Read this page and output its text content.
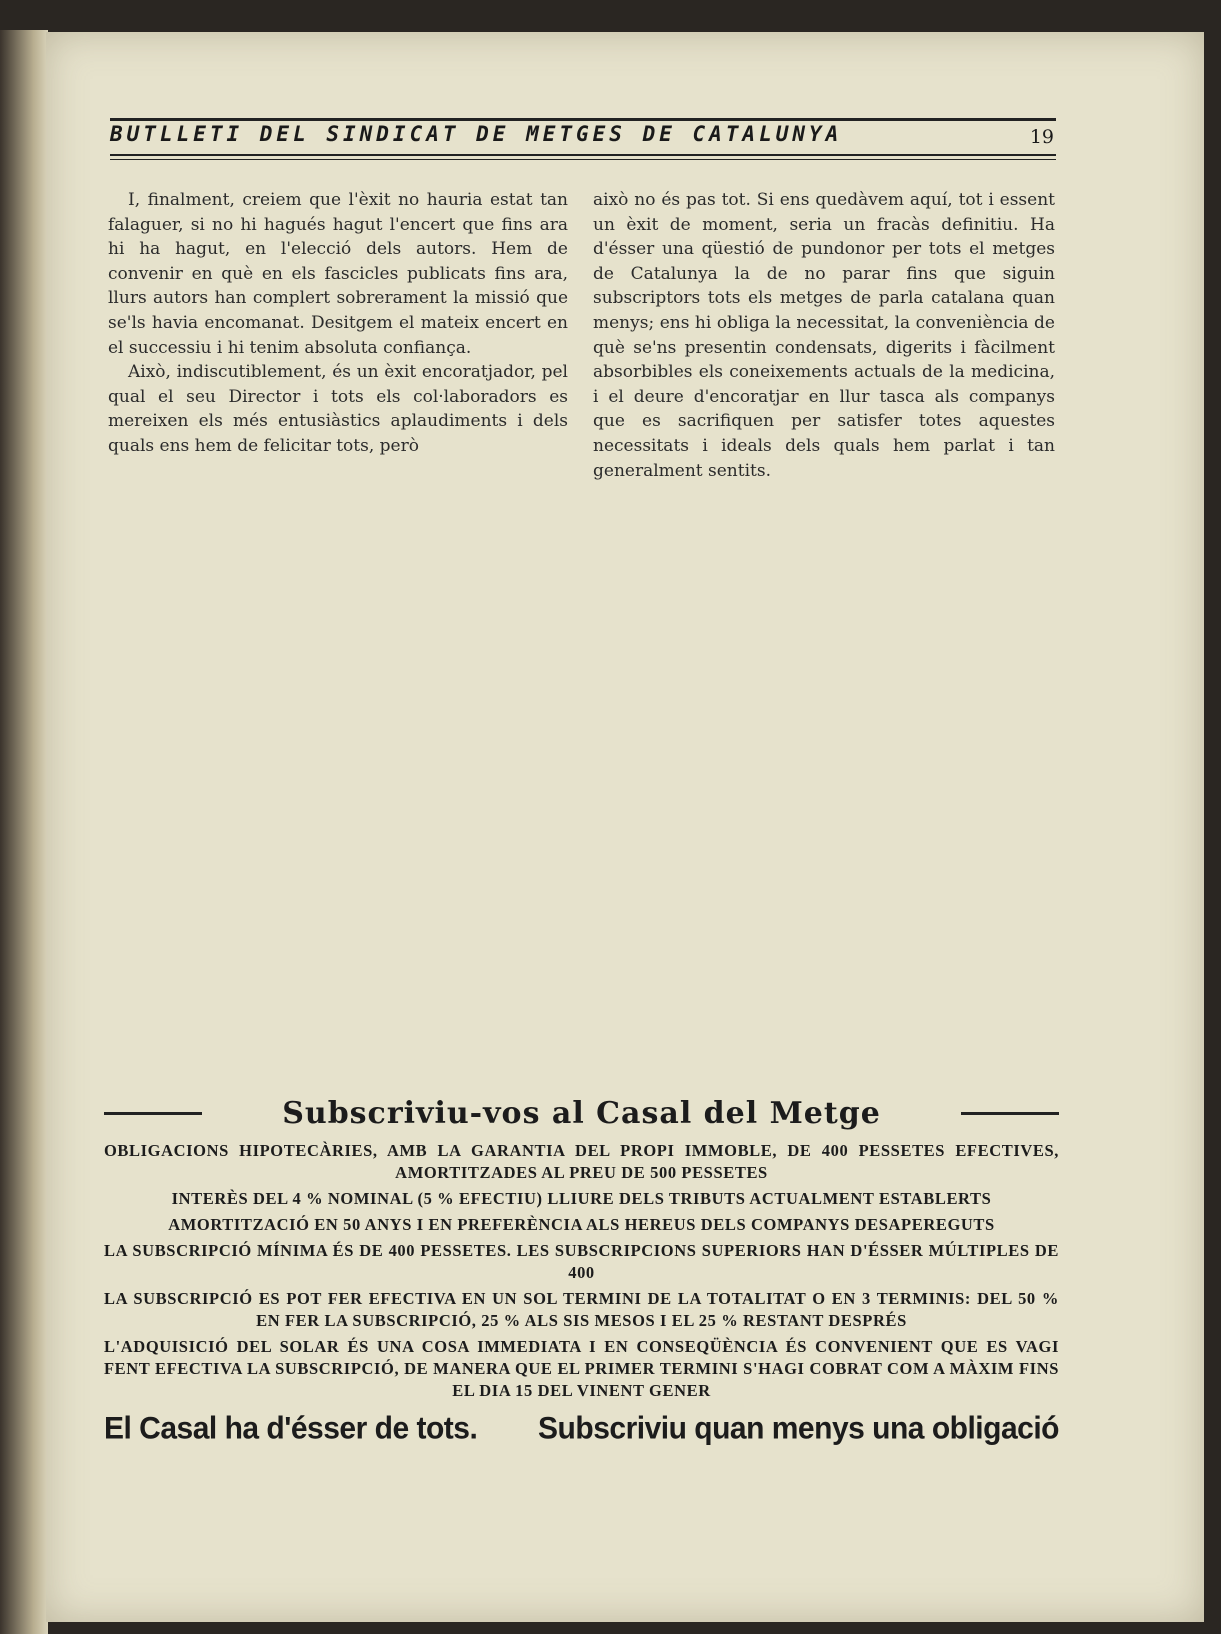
BUTLLETI DEL SINDICAT DE METGES DE CATALUNYA	19

I, finalment, creiem que l'èxit no hauria estat tan falaguer, si no hi hagués hagut l'encert que fins ara hi ha hagut, en l'elecció dels autors. Hem de convenir en què en els fascicles publicats fins ara, llurs autors han complert sobrerament la missió que se'ls havia encomanat. Desitgem el mateix encert en el successiu i hi tenim absoluta confiança.

Això, indiscutiblement, és un èxit encoratjador, pel qual el seu Director i tots els col·laboradors es mereixen els més entusiàstics aplaudiments i dels quals ens hem de felicitar tots, però

això no és pas tot. Si ens quedàvem aquí, tot i essent un èxit de moment, seria un fracàs definitiu. Ha d'ésser una qüestió de pundonor per tots el metges de Catalunya la de no parar fins que siguin subscriptors tots els metges de parla catalana quan menys; ens hi obliga la necessitat, la conveniència de què se'ns presentin condensats, digerits i fàcilment absorbibles els coneixements actuals de la medicina, i el deure d'encoratjar en llur tasca als companys que es sacrifiquen per satisfer totes aquestes necessitats i ideals dels quals hem parlat i tan generalment sentits.

Subscriviu-vos al Casal del Metge

OBLIGACIONS HIPOTECÀRIES, AMB LA GARANTIA DEL PROPI IMMOBLE, DE 400 PESSETES EFECTIVES, AMORTITZADES AL PREU DE 500 PESSETES

INTERÈS DEL 4 % NOMINAL (5 % EFECTIU) LLIURE DELS TRIBUTS ACTUALMENT ESTABLERTS

AMORTITZACIÓ EN 50 ANYS I EN PREFERÈNCIA ALS HEREUS DELS COMPANYS DESAPEREGUTS

LA SUBSCRIPCIÓ MÍNIMA ÉS DE 400 PESSETES. LES SUBSCRIPCIONS SUPERIORS HAN D'ÉSSER MÚLTIPLES DE 400

LA SUBSCRIPCIÓ ES POT FER EFECTIVA EN UN SOL TERMINI DE LA TOTALITAT O EN 3 TERMINIS: DEL 50 % EN FER LA SUBSCRIPCIÓ, 25 % ALS SIS MESOS I EL 25 % RESTANT DESPRÉS

L'ADQUISICIÓ DEL SOLAR ÉS UNA COSA IMMEDIATA I EN CONSEQÜÈNCIA ÉS CONVENIENT QUE ES VAGI FENT EFECTIVA LA SUBSCRIPCIÓ, DE MANERA QUE EL PRIMER TERMINI S'HAGI COBRAT COM A MÀXIM FINS EL DIA 15 DEL VINENT GENER

El Casal ha d'ésser de tots. Subscriviu quan menys una obligació
